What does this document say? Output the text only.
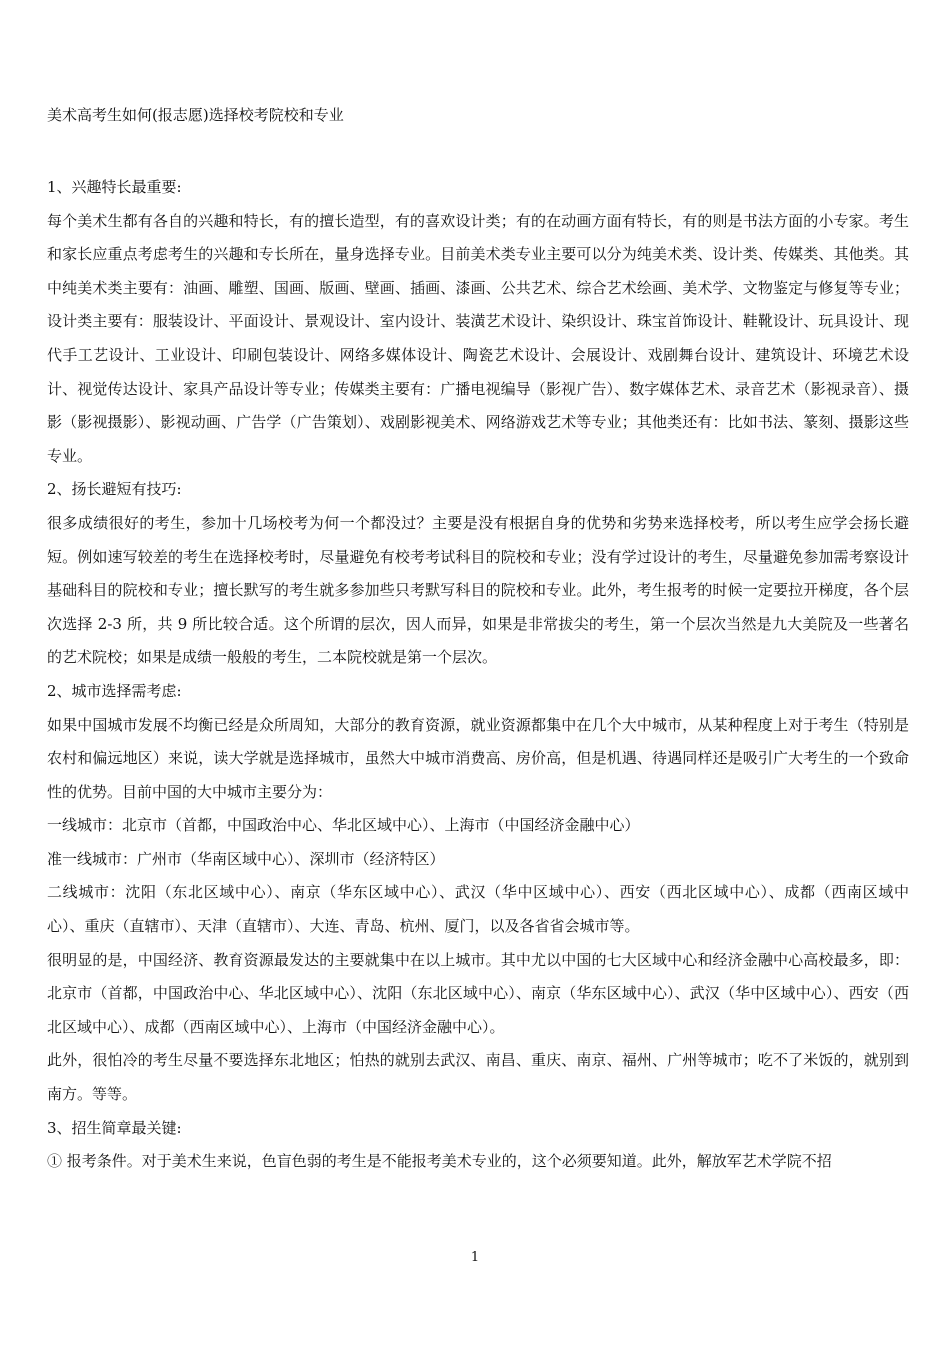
美术高考生如何(报志愿)选择校考院校和专业

1、兴趣特长最重要:

每个美术生都有各自的兴趣和特长，有的擅长造型，有的喜欢设计类；有的在动画方面有特长，有的则是书法方面的小专家。考生和家长应重点考虑考生的兴趣和专长所在，量身选择专业。目前美术类专业主要可以分为纯美术类、设计类、传媒类、其他类。其中纯美术类主要有：油画、雕塑、国画、版画、壁画、插画、漆画、公共艺术、综合艺术绘画、美术学、文物鉴定与修复等专业；设计类主要有：服装设计、平面设计、景观设计、室内设计、装潢艺术设计、染织设计、珠宝首饰设计、鞋靴设计、玩具设计、现代手工艺设计、工业设计、印刷包装设计、网络多媒体设计、陶瓷艺术设计、会展设计、戏剧舞台设计、建筑设计、环境艺术设计、视觉传达设计、家具产品设计等专业；传媒类主要有：广播电视编导（影视广告）、数字媒体艺术、录音艺术（影视录音）、摄影（影视摄影）、影视动画、广告学（广告策划）、戏剧影视美术、网络游戏艺术等专业；其他类还有：比如书法、篆刻、摄影这些专业。

2、扬长避短有技巧:

很多成绩很好的考生，参加十几场校考为何一个都没过？主要是没有根据自身的优势和劣势来选择校考，所以考生应学会扬长避短。例如速写较差的考生在选择校考时，尽量避免有校考考试科目的院校和专业；没有学过设计的考生，尽量避免参加需考察设计基础科目的院校和专业；擅长默写的考生就多参加些只考默写科目的院校和专业。此外，考生报考的时候一定要拉开梯度，各个层次选择 2-3 所，共 9 所比较合适。这个所谓的层次，因人而异，如果是非常拔尖的考生，第一个层次当然是九大美院及一些著名的艺术院校；如果是成绩一般般的考生，二本院校就是第一个层次。

2、城市选择需考虑:

如果中国城市发展不均衡已经是众所周知，大部分的教育资源，就业资源都集中在几个大中城市，从某种程度上对于考生（特别是农村和偏远地区）来说，读大学就是选择城市，虽然大中城市消费高、房价高，但是机遇、待遇同样还是吸引广大考生的一个致命性的优势。目前中国的大中城市主要分为：

一线城市：北京市（首都，中国政治中心、华北区域中心）、上海市（中国经济金融中心）

准一线城市：广州市（华南区域中心）、深圳市（经济特区）

二线城市：沈阳（东北区域中心）、南京（华东区域中心）、武汉（华中区域中心）、西安（西北区域中心）、成都（西南区域中心）、重庆（直辖市）、天津（直辖市）、大连、青岛、杭州、厦门，以及各省省会城市等。

很明显的是，中国经济、教育资源最发达的主要就集中在以上城市。其中尤以中国的七大区域中心和经济金融中心高校最多，即：北京市（首都，中国政治中心、华北区域中心）、沈阳（东北区域中心）、南京（华东区域中心）、武汉（华中区域中心）、西安（西北区域中心）、成都（西南区域中心）、上海市（中国经济金融中心）。

此外，很怕冷的考生尽量不要选择东北地区；怕热的就别去武汉、南昌、重庆、南京、福州、广州等城市；吃不了米饭的，就别到南方。等等。

3、招生简章最关键:

① 报考条件。对于美术生来说，色盲色弱的考生是不能报考美术专业的，这个必须要知道。此外，解放军艺术学院不招

1
